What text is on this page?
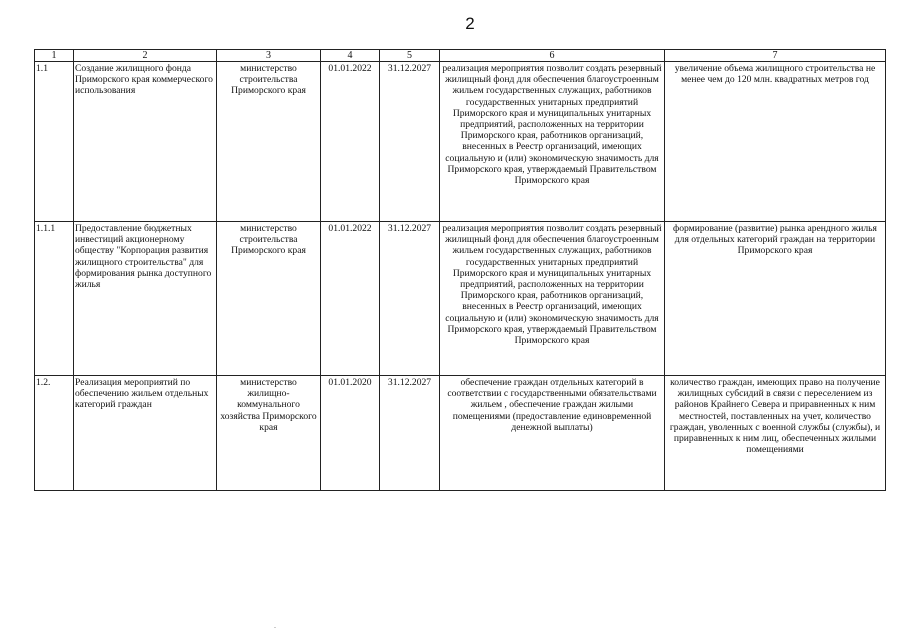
2
1	2	3	4	5	6	7
1.1	Создание жилищного фонда Приморского края коммерческого использования	министерство строительства Приморского края	01.01.2022	31.12.2027	реализация мероприятия позволит создать резервный жилищный фонд для обеспечения благоустроенным жильем государственных служащих, работников государственных унитарных предприятий Приморского края и муниципальных унитарных предприятий, расположенных на территории Приморского края, работников организаций, внесенных в Реестр организаций, имеющих социальную и (или) экономическую значимость для Приморского края, утверждаемый Правительством Приморского края	увеличение объема жилищного строительства не менее чем до 120 млн. квадратных метров год
1.1.1	Предоставление бюджетных инвестиций акционерному обществу "Корпорация развития жилищного строительства" для формирования рынка доступного жилья	министерство строительства Приморского края	01.01.2022	31.12.2027	реализация мероприятия позволит создать резервный жилищный фонд для обеспечения благоустроенным жильем государственных служащих, работников государственных унитарных предприятий Приморского края и муниципальных унитарных предприятий, расположенных на территории Приморского края, работников организаций, внесенных в Реестр организаций, имеющих социальную и (или) экономическую значимость для Приморского края, утверждаемый Правительством Приморского края	формирование (развитие) рынка арендного жилья для отдельных категорий граждан на территории Приморского края
1.2.	Реализация мероприятий по обеспечению жильем отдельных категорий граждан	министерство жилищно-коммунального хозяйства Приморского края	01.01.2020	31.12.2027	обеспечение граждан отдельных категорий в соответствии с государственными обязательствами жильем , обеспечение граждан жилыми помещениями (предоставление единовременной денежной выплаты)	количество граждан, имеющих право на получение жилищных субсидий в связи с переселением из районов Крайнего Севера и приравненных к ним местностей, поставленных на учет, количество граждан, уволенных с военной службы (службы), и приравненных к ним лиц, обеспеченных жилыми помещениями
